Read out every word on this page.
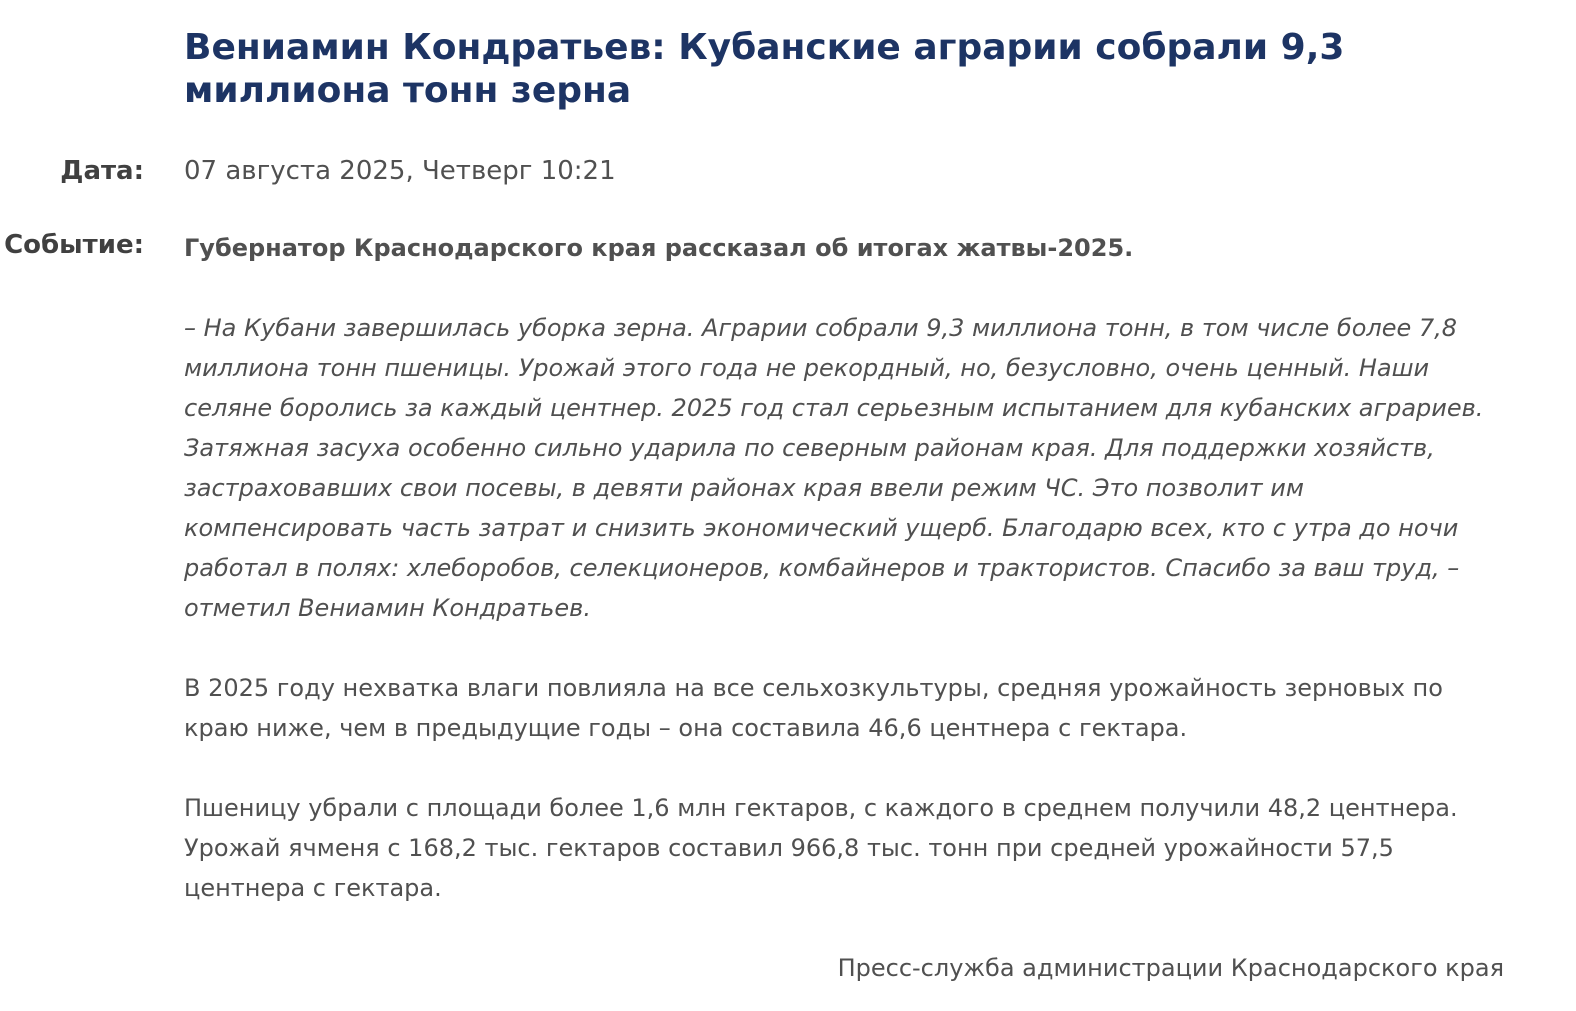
Вениамин Кондратьев: Кубанские аграрии собрали 9,3 миллиона тонн зерна
Дата: 07 августа 2025, Четверг 10:21
Событие: Губернатор Краснодарского края рассказал об итогах жатвы-2025.

– На Кубани завершилась уборка зерна. Аграрии собрали 9,3 миллиона тонн, в том числе более 7,8 миллиона тонн пшеницы. Урожай этого года не рекордный, но, безусловно, очень ценный. Наши селяне боролись за каждый центнер. 2025 год стал серьезным испытанием для кубанских аграриев. Затяжная засуха особенно сильно ударила по северным районам края. Для поддержки хозяйств, застраховавших свои посевы, в девяти районах края ввели режим ЧС. Это позволит им компенсировать часть затрат и снизить экономический ущерб. Благодарю всех, кто с утра до ночи работал в полях: хлеборобов, селекционеров, комбайнеров и трактористов. Спасибо за ваш труд, – отметил Вениамин Кондратьев.

В 2025 году нехватка влаги повлияла на все сельхозкультуры, средняя урожайность зерновых по краю ниже, чем в предыдущие годы – она составила 46,6 центнера с гектара.

Пшеницу убрали с площади более 1,6 млн гектаров, с каждого в среднем получили 48,2 центнера. Урожай ячменя с 168,2 тыс. гектаров составил 966,8 тыс. тонн при средней урожайности 57,5 центнера с гектара.

Пресс-служба администрации Краснодарского края
